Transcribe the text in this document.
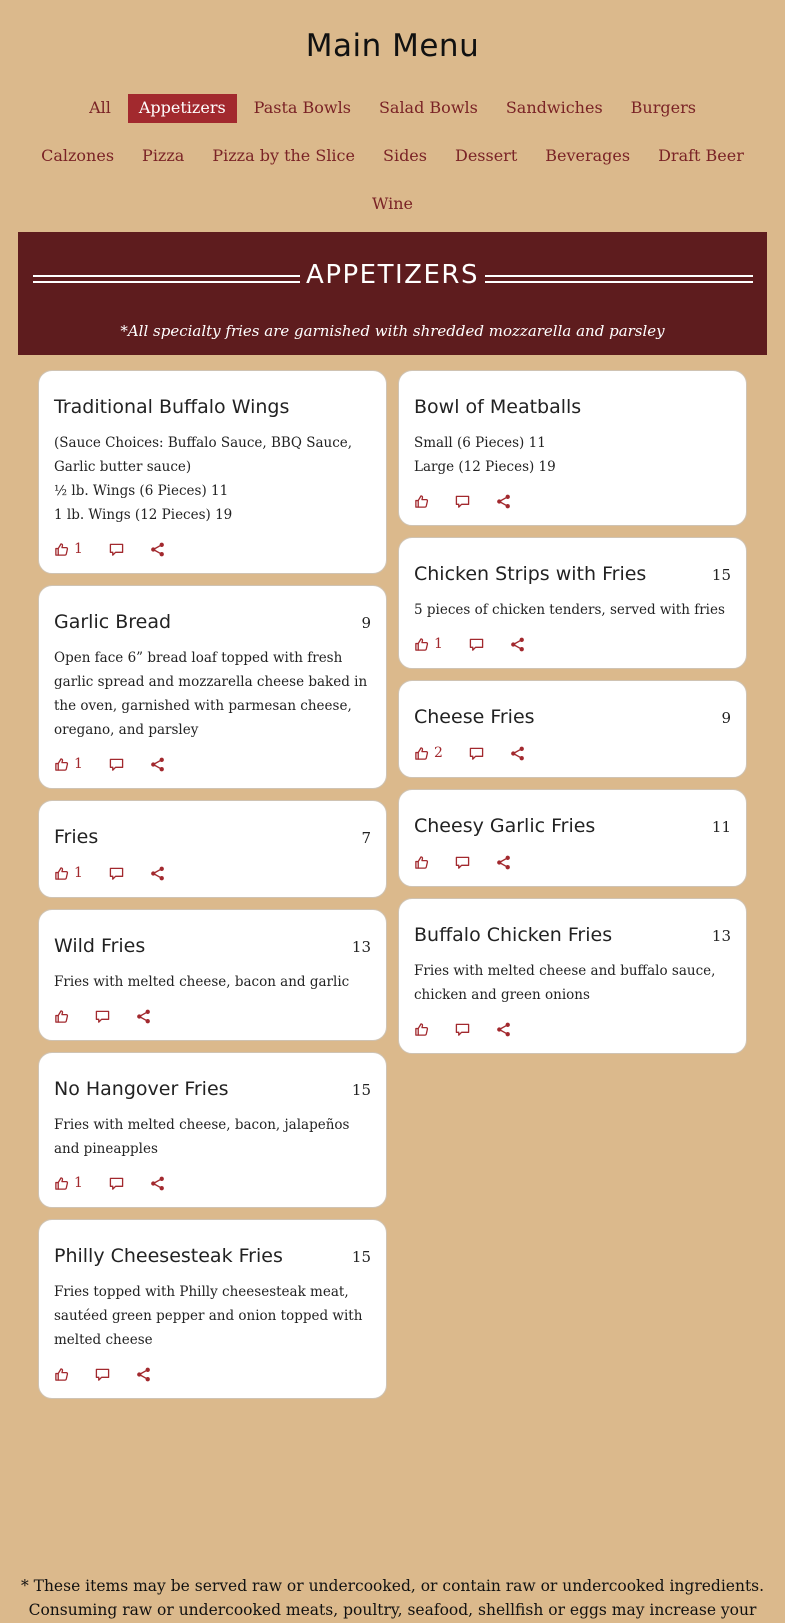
Main Menu
All	Appetizers	Pasta Bowls	Salad Bowls	Sandwiches	Burgers
Calzones	Pizza	Pizza by the Slice	Sides	Dessert	Beverages	Draft Beer
Wine
APPETIZERS
*All specialty fries are garnished with shredded mozzarella and parsley
Traditional Buffalo Wings
(Sauce Choices: Buffalo Sauce, BBQ Sauce, Garlic butter sauce)
½ lb. Wings (6 Pieces) 11
1 lb. Wings (12 Pieces) 19
1
Garlic Bread	9
Open face 6” bread loaf topped with fresh garlic spread and mozzarella cheese baked in the oven, garnished with parmesan cheese, oregano, and parsley
1
Fries	7
1
Wild Fries	13
Fries with melted cheese, bacon and garlic
No Hangover Fries	15
Fries with melted cheese, bacon, jalapeños and pineapples
1
Philly Cheesesteak Fries	15
Fries topped with Philly cheesesteak meat, sautéed green pepper and onion topped with melted cheese
Bowl of Meatballs
Small (6 Pieces) 11
Large (12 Pieces) 19
Chicken Strips with Fries	15
5 pieces of chicken tenders, served with fries
1
Cheese Fries	9
2
Cheesy Garlic Fries	11
Buffalo Chicken Fries	13
Fries with melted cheese and buffalo sauce, chicken and green onions
* These items may be served raw or undercooked, or contain raw or undercooked ingredients. Consuming raw or undercooked meats, poultry, seafood, shellfish or eggs may increase your
